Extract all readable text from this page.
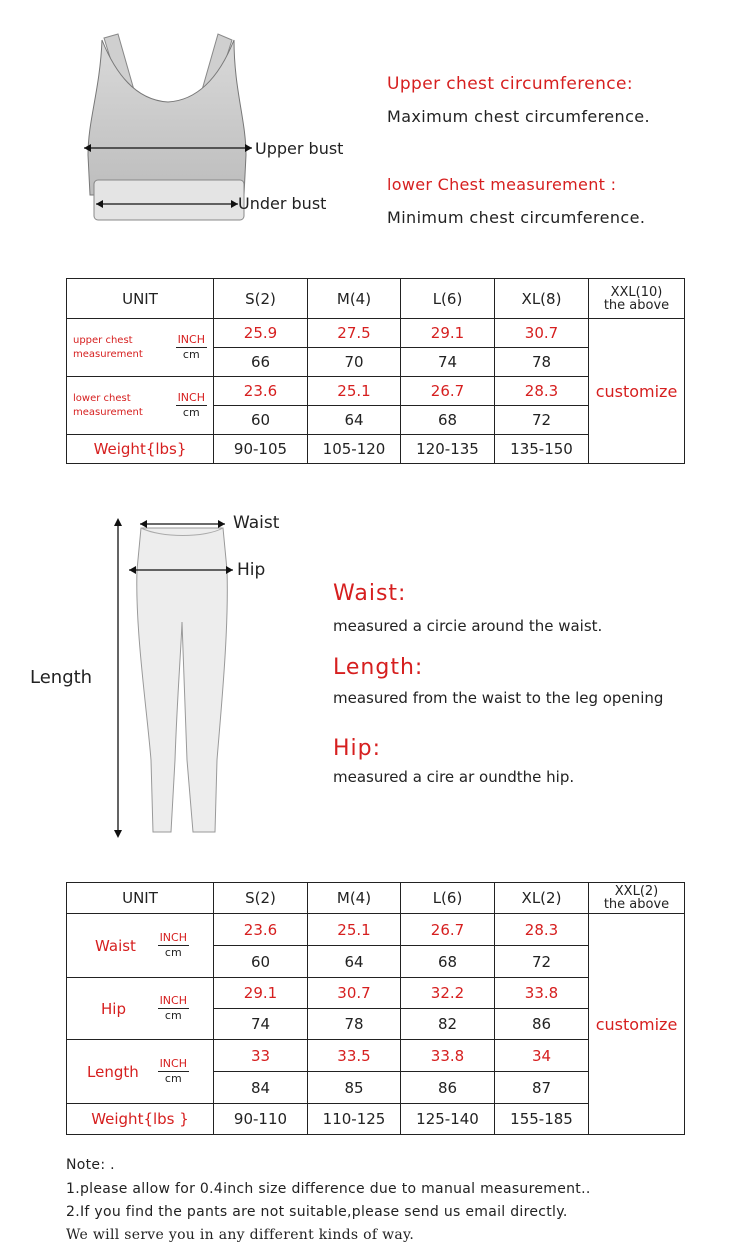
Upper bust
Under bust
Upper chest circumference:
Maximum chest circumference.
lower Chest measurement :
Minimum chest circumference.
UNIT	S(2)	M(4)	L(6)	XL(8)	XXL(10)
the above

upper chest
measurement
INCH
cm	25.9	27.5	29.1	30.7	customize
	66	70	74	78	

lower chest
measurement
INCH
cm	23.6	25.1	26.7	28.3	
	60	64	68	72	
Weight{lbs}	90-105	105-120	120-135	135-150	
Waist
Hip
Length
Waist:
measured a circie around the waist.
Length:
measured from the waist to the leg opening
Hip:
measured a cire ar oundthe hip.
UNIT	S(2)	M(4)	L(6)	XL(2)	XXL(2)
the above

Waist INCH
cm	23.6	25.1	26.7	28.3	customize
	60	64	68	72	

Hip INCH
cm	29.1	30.7	32.2	33.8	
	74	78	82	86	

Length INCH
cm	33	33.5	33.8	34	
	84	85	86	87	
Weight{lbs }	90-110	110-125	125-140	155-185	
Note: .
1.please allow for 0.4inch size difference due to manual measurement..
2.If you find the pants are not suitable,please send us email directly.
We will serve you in any different kinds of way.
